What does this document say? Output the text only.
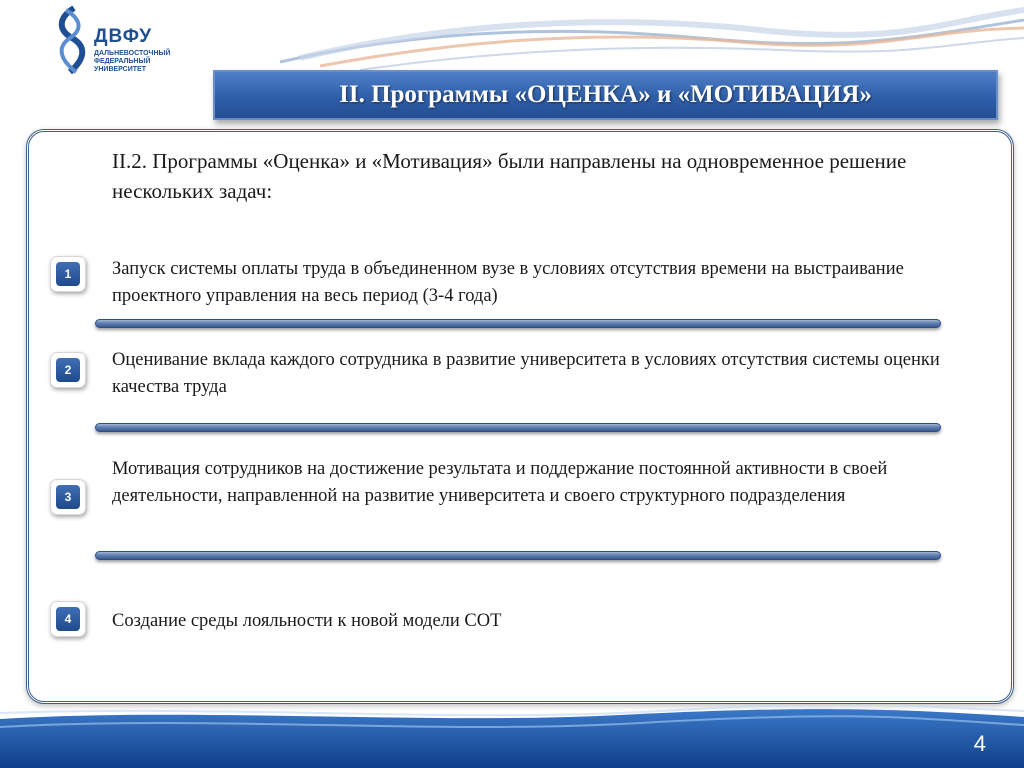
ДВФУ
ДАЛЬНЕВОСТОЧНЫЙ
ФЕДЕРАЛЬНЫЙ
УНИВЕРСИТЕТ
II. Программы «ОЦЕНКА» и «МОТИВАЦИЯ»
II.2. Программы «Оценка» и «Мотивация» были направлены на одновременное решение нескольких задач:
1	Запуск системы оплаты труда в объединенном вузе в условиях отсутствия времени на выстраивание проектного управления на весь период (3-4 года)
2	Оценивание вклада каждого сотрудника в развитие университета в условиях отсутствия системы оценки качества труда
3
Мотивация сотрудников на достижение результата и поддержание постоянной активности в своей деятельности, направленной на развитие университета и своего структурного подразделения
4	Создание среды лояльности к новой модели СОТ
4
